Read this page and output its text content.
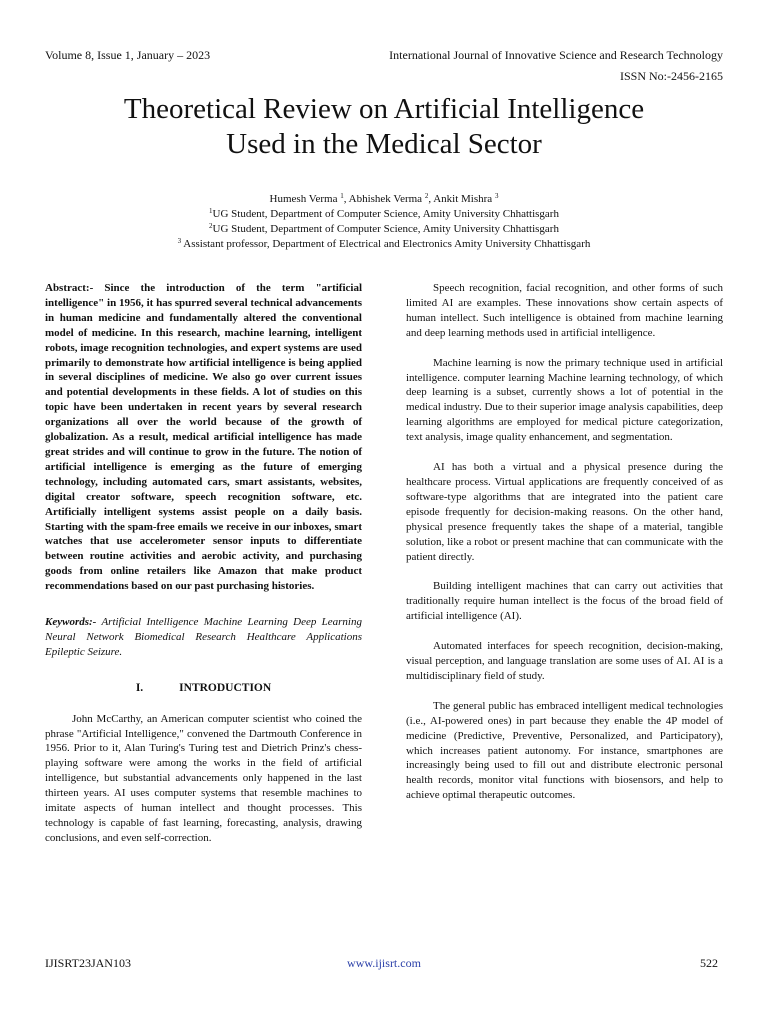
Volume 8, Issue 1, January – 2023	International Journal of Innovative Science and Research Technology
ISSN No:-2456-2165
Theoretical Review on Artificial Intelligence
Used in the Medical Sector
Humesh Verma $^1$, Abhishek Verma $^2$, Ankit Mishra $^3$
$^1$UG Student, Department of Computer Science, Amity University Chhattisgarh
$^2$UG Student, Department of Computer Science, Amity University Chhattisgarh
$^3$ Assistant professor, Department of Electrical and Electronics Amity University Chhattisgarh

Abstract:- Since the introduction of the term "artificial intelligence" in 1956, it has spurred several technical advancements in human medicine and fundamentally altered the conventional model of medicine. In this research, machine learning, intelligent robots, image recognition technologies, and expert systems are used primarily to demonstrate how artificial intelligence is being applied in several disciplines of medicine. We also go over current issues and potential developments in these fields. A lot of studies on this topic have been undertaken in recent years by several research organizations all over the world because of the growth of globalization. As a result, medical artificial intelligence has made great strides and will continue to grow in the future. The notion of artificial intelligence is emerging as the future of emerging technology, including automated cars, smart assistants, websites, digital creator software, speech recognition software, etc. Artificially intelligent systems assist people on a daily basis. Starting with the spam-free emails we receive in our inboxes, smart watches that use accelerometer sensor inputs to differentiate between routine activities and aerobic activity, and purchasing goods from online retailers like Amazon that make product recommendations based on our past purchasing histories.

Keywords:- Artificial Intelligence Machine Learning Deep Learning Neural Network Biomedical Research Healthcare Applications Epileptic Seizure.

I.	INTRODUCTION

John McCarthy, an American computer scientist who coined the phrase "Artificial Intelligence," convened the Dartmouth Conference in 1956. Prior to it, Alan Turing's Turing test and Dietrich Prinz's chess-playing software were among the works in the field of artificial intelligence, but substantial advancements only happened in the last thirteen years. AI uses computer systems that resemble machines to imitate aspects of human intellect and thought processes. This technology is capable of fast learning, forecasting, analysis, drawing conclusions, and even self-correction.

Speech recognition, facial recognition, and other forms of such limited AI are examples. These innovations show certain aspects of human intellect. Such intelligence is obtained from machine learning and deep learning methods used in artificial intelligence.

Machine learning is now the primary technique used in artificial intelligence. computer learning Machine learning technology, of which deep learning is a subset, currently shows a lot of potential in the medical industry. Due to their superior image analysis capabilities, deep learning algorithms are employed for medical picture categorization, text analysis, image quality enhancement, and segmentation.

AI has both a virtual and a physical presence during the healthcare process. Virtual applications are frequently conceived of as software-type algorithms that are integrated into the patient care episode frequently for decision-making reasons. On the other hand, physical presence frequently takes the shape of a material, tangible solution, like a robot or present machine that can communicate with the patient directly.

Building intelligent machines that can carry out activities that traditionally require human intellect is the focus of the broad field of artificial intelligence (AI).

Automated interfaces for speech recognition, decision-making, visual perception, and language translation are some uses of AI. AI is a multidisciplinary field of study.

The general public has embraced intelligent medical technologies (i.e., AI-powered ones) in part because they enable the 4P model of medicine (Predictive, Preventive, Personalized, and Participatory), which increases patient autonomy. For instance, smartphones are increasingly being used to fill out and distribute electronic personal health records, monitor vital functions with biosensors, and help to achieve optimal therapeutic outcomes.

IJISRT23JAN103	www.ijisrt.com	522
